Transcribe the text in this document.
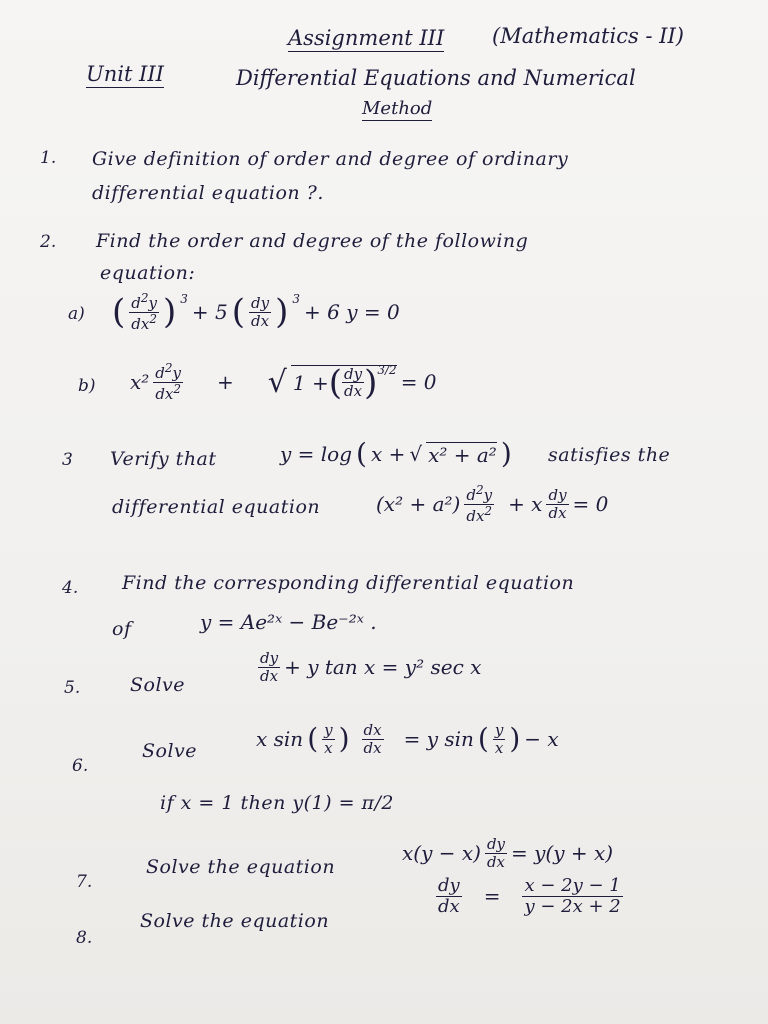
Assignment III (Mathematics - II)
Unit III	Differential Equations and Numerical
Method
1. Give definition of order and degree of ordinary
differential equation ?.
2. Find the order and degree of the following
equation:
a) ( $\frac{d^2y}{dx^2}$ ) $^3$
+ 5 ( $\frac{dy}{dx}$ ) $^3$
+ 6 y = 0
b) $x^2 \frac{d^2y}{dx^2}$ + √ 1 + ( $\frac{dy}{dx} )^{3/2}$
= 0
3 Verify that	y = log ( x + √ x² + a² ) satisfies the
differential equation	$(x^2 + a^2) \frac{d^2y}{dx^2} + x \frac{dy}{dx} = 0$
4. Find the corresponding differential equation
of	y = Ae²ˣ − Be⁻²ˣ .
5.	Solve
$\frac{dy}{dx} + y$ tan x = y² sec x
6.
Solve	x sin ( $\frac{y}{x}$ ) $\frac{dx}{dx} = y$ sin ( $\frac{y}{x}$ ) − x
if x = 1 then y(1) = π/2
7.
Solve the equation
$x(y - x) \frac{dy}{dx} = y(y + x)$
8.
Solve the equation
$\frac{dy}{dx} = \frac{x - 2y - 1}{y - 2x + 2}$
